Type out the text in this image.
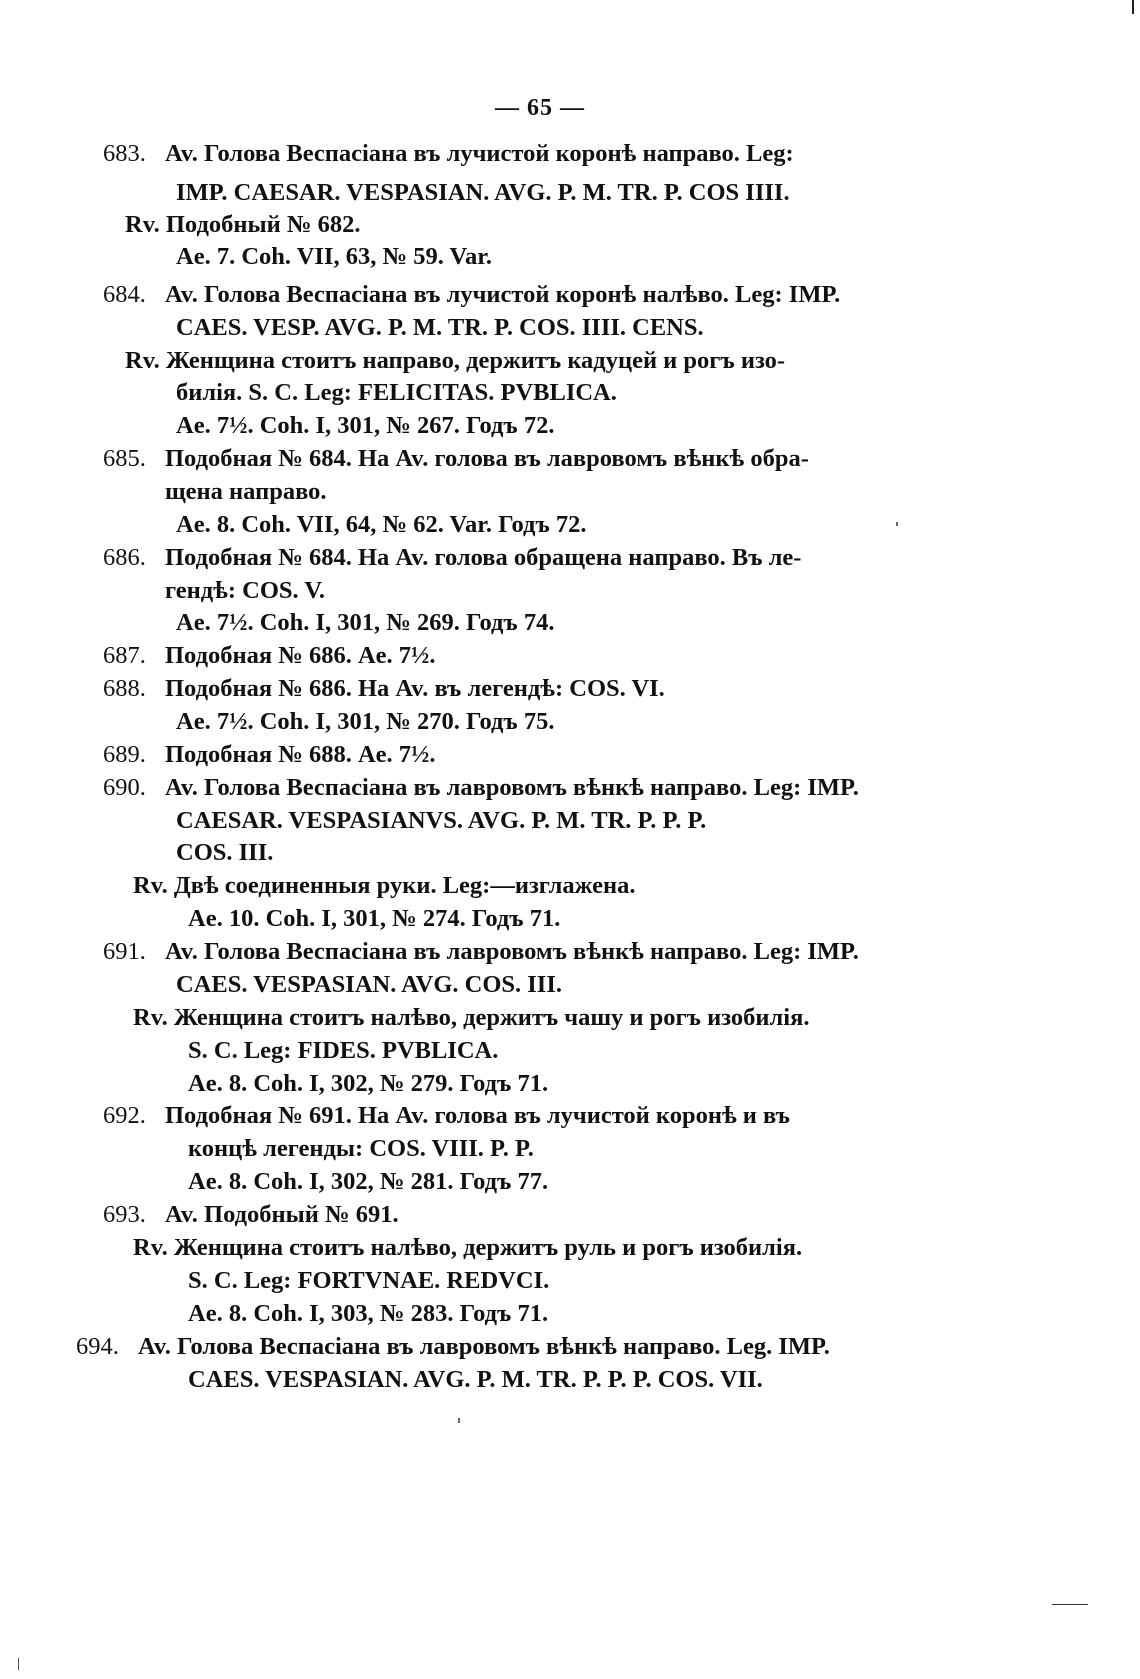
— 65 —
683. Av. Голова Веспасіана въ лучистой коронѣ направо. Leg:
IMP. CAESAR. VESPASIAN. AVG. P. M. TR. P. COS IIII.
Rv. Подобный № 682.
Ae. 7. Coh. VII, 63, № 59. Var.
684. Av. Голова Веспасіана въ лучистой коронѣ налѣво. Leg: IMP.
CAES. VESP. AVG. P. M. TR. P. COS. IIII. CENS.
Rv. Женщина стоитъ направо, держитъ кадуцей и рогъ изо-
билія. S. C. Leg: FELICITAS. PVBLICA.
Ae. 7½. Coh. I, 301, № 267. Годъ 72.
685. Подобная № 684. На Av. голова въ лавровомъ вѣнкѣ обра-
щена направо.
Ae. 8. Coh. VII, 64, № 62. Var. Годъ 72.
686. Подобная № 684. На Av. голова обращена направо. Въ ле-
гендѣ: COS. V.
Ae. 7½. Coh. I, 301, № 269. Годъ 74.
687. Подобная № 686. Ae. 7½.
688. Подобная № 686. На Av. въ легендѣ: COS. VI.
Ae. 7½. Coh. I, 301, № 270. Годъ 75.
689. Подобная № 688. Ae. 7½.
690. Av. Голова Веспасіана въ лавровомъ вѣнкѣ направо. Leg: IMP.
CAESAR. VESPASIANVS. AVG. P. M. TR. P. P. P.
COS. III.
Rv. Двѣ соединенныя руки. Leg:—изглажена.
Ae. 10. Coh. I, 301, № 274. Годъ 71.
691. Av. Голова Веспасіана въ лавровомъ вѣнкѣ направо. Leg: IMP.
CAES. VESPASIAN. AVG. COS. III.
Rv. Женщина стоитъ налѣво, держитъ чашу и рогъ изобилія.
S. C. Leg: FIDES. PVBLICA.
Ae. 8. Coh. I, 302, № 279. Годъ 71.
692. Подобная № 691. На Av. голова въ лучистой коронѣ и въ
концѣ легенды: COS. VIII. P. P.
Ae. 8. Coh. I, 302, № 281. Годъ 77.
693. Av. Подобный № 691.
Rv. Женщина стоитъ налѣво, держитъ руль и рогъ изобилія.
S. C. Leg: FORTVNAE. REDVCI.
Ae. 8. Coh. I, 303, № 283. Годъ 71.
694. Av. Голова Веспасіана въ лавровомъ вѣнкѣ направо. Leg. IMP.
CAES. VESPASIAN. AVG. P. M. TR. P. P. P. COS. VII.
